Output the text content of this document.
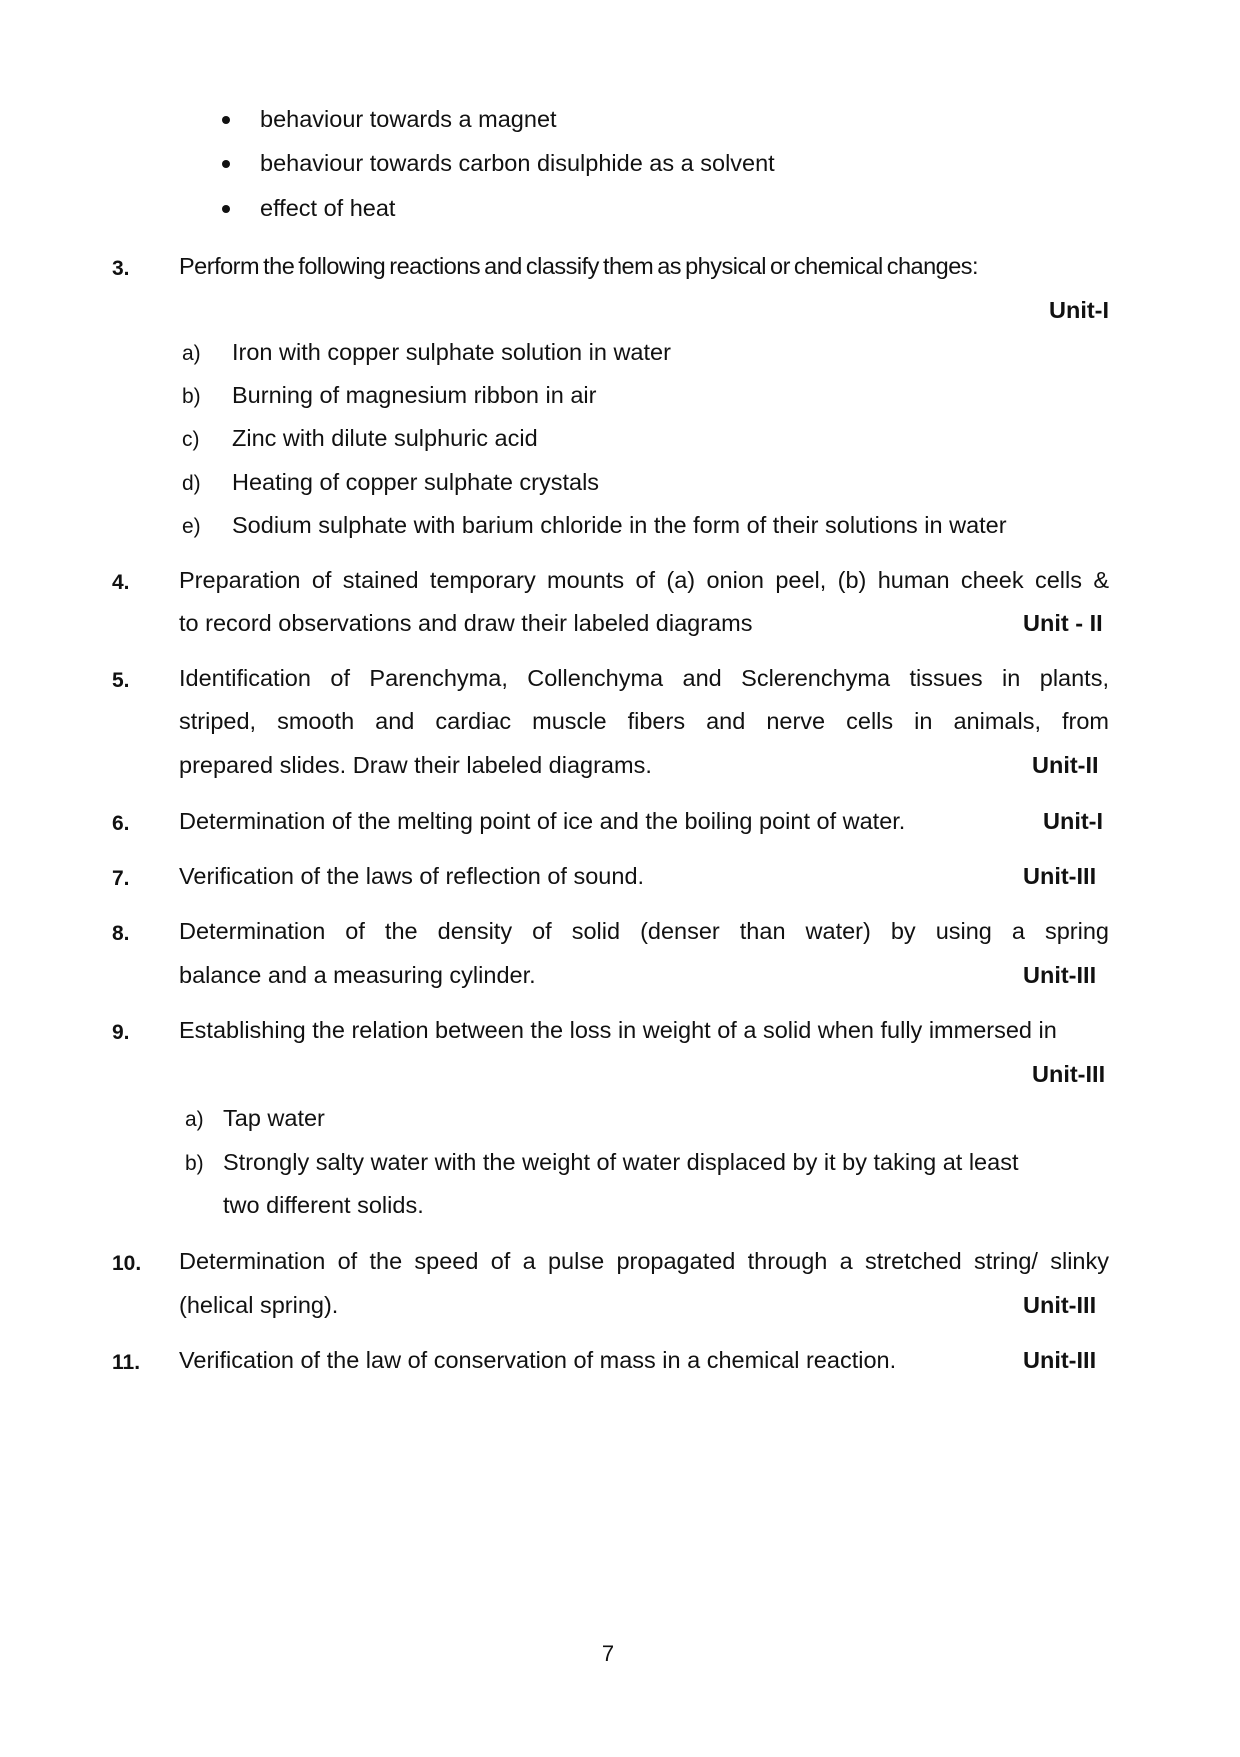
behaviour towards a magnet
behaviour towards carbon disulphide as a solvent
effect of heat
3. Perform the following reactions and classify them as physical or chemical changes:
Unit-I
a) Iron with copper sulphate solution in water
b) Burning of magnesium ribbon in air
c) Zinc with dilute sulphuric acid
d) Heating of copper sulphate crystals
e) Sodium sulphate with barium chloride in the form of their solutions in water
4. Preparation of stained temporary mounts of (a) onion peel, (b) human cheek cells &
to record observations and draw their labeled diagrams	Unit - II
5. Identification of Parenchyma, Collenchyma and Sclerenchyma tissues in plants,
striped, smooth and cardiac muscle fibers and nerve cells in animals, from
prepared slides. Draw their labeled diagrams.	Unit-II
6. Determination of the melting point of ice and the boiling point of water.	Unit-I
7. Verification of the laws of reflection of sound.	Unit-III
8. Determination of the density of solid (denser than water) by using a spring
balance and a measuring cylinder.	Unit-III
9. Establishing the relation between the loss in weight of a solid when fully immersed in
Unit-III
a) Tap water
b) Strongly salty water with the weight of water displaced by it by taking at least
two different solids.
10. Determination of the speed of a pulse propagated through a stretched string/ slinky
(helical spring).	Unit-III
11. Verification of the law of conservation of mass in a chemical reaction.	Unit-III
7
